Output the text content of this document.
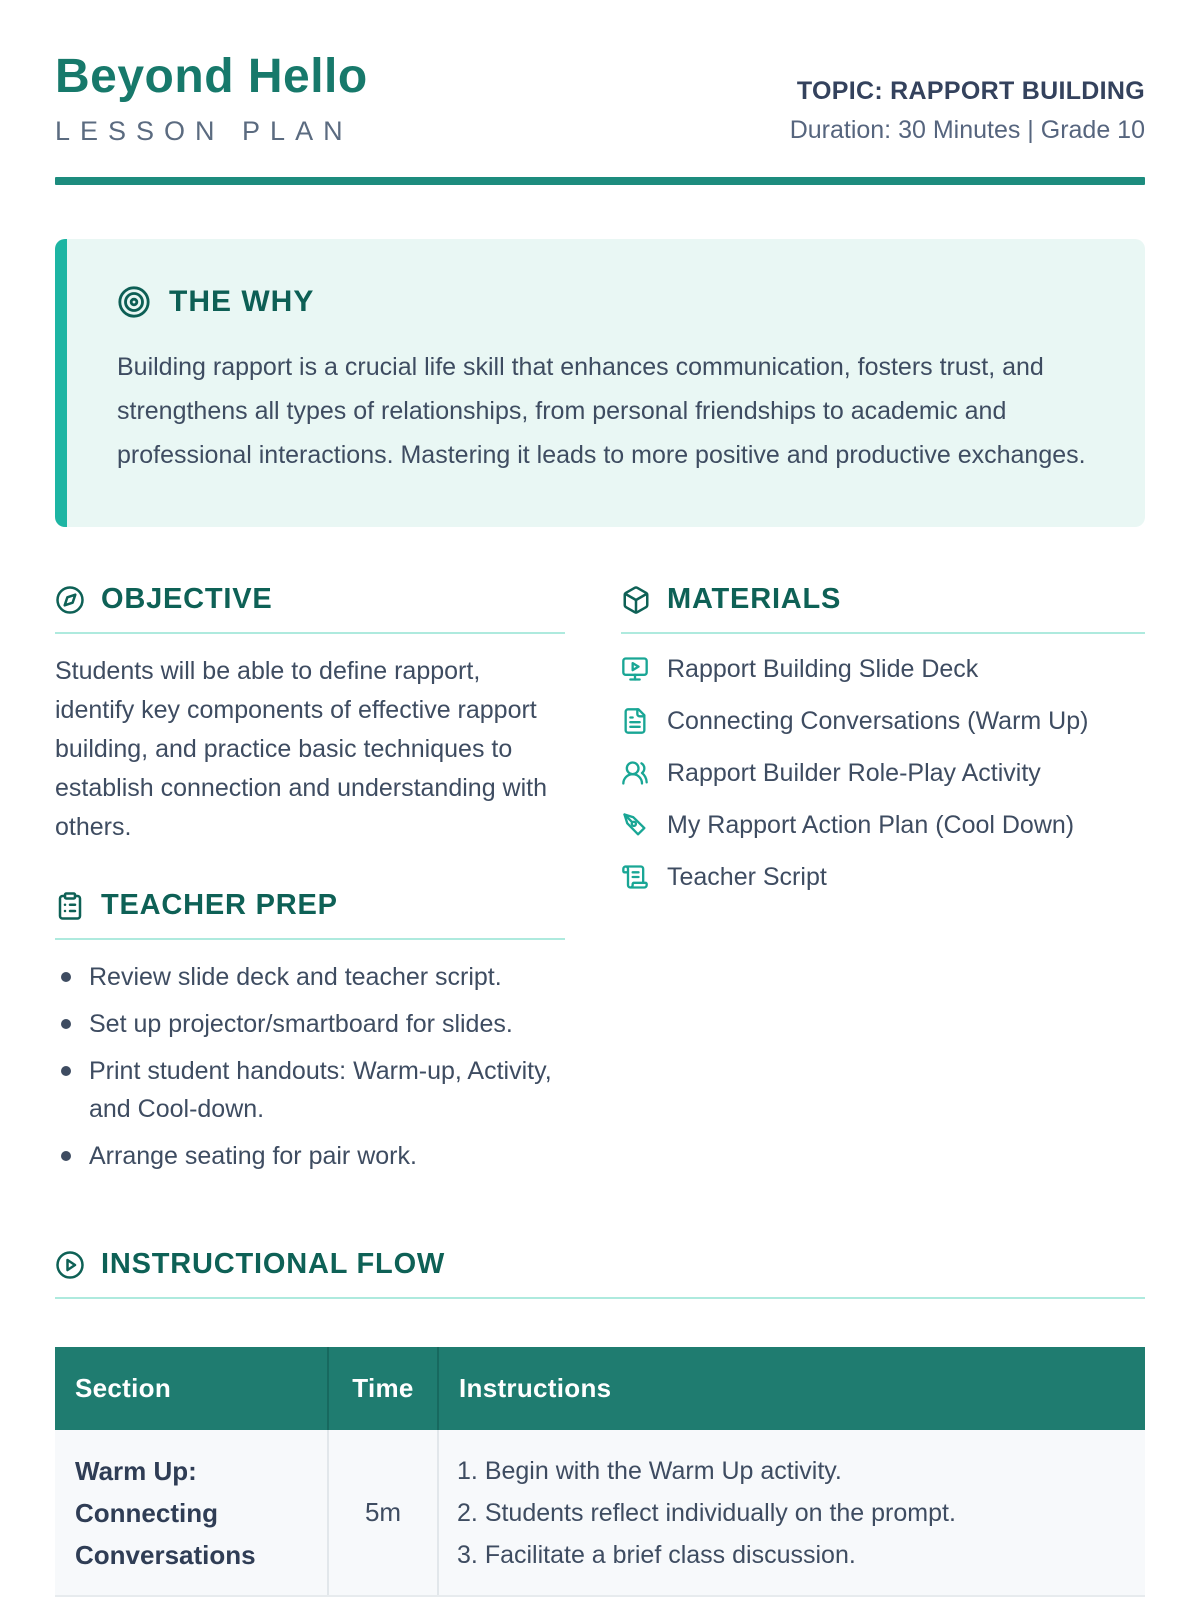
Beyond Hello
LESSON PLAN
TOPIC: RAPPORT BUILDING
Duration: 30 Minutes | Grade 10
THE WHY

Building rapport is a crucial life skill that enhances communication, fosters trust, and strengthens all types of relationships, from personal friendships to academic and professional interactions. Mastering it leads to more positive and productive exchanges.

OBJECTIVE

Students will be able to define rapport, identify key components of effective rapport building, and practice basic techniques to establish connection and understanding with others.

TEACHER PREP
Review slide deck and teacher script.
Set up projector/smartboard for slides.
Print student handouts: Warm-up, Activity, and Cool-down.
Arrange seating for pair work.
MATERIALS
Rapport Building Slide Deck
Connecting Conversations (Warm Up)
Rapport Builder Role-Play Activity
My Rapport Action Plan (Cool Down)
Teacher Script
INSTRUCTIONAL FLOW
Section	Time	Instructions
Warm Up: Connecting Conversations	5m	Begin with the Warm Up activity.
Students reflect individually on the prompt.
Facilitate a brief class discussion.
